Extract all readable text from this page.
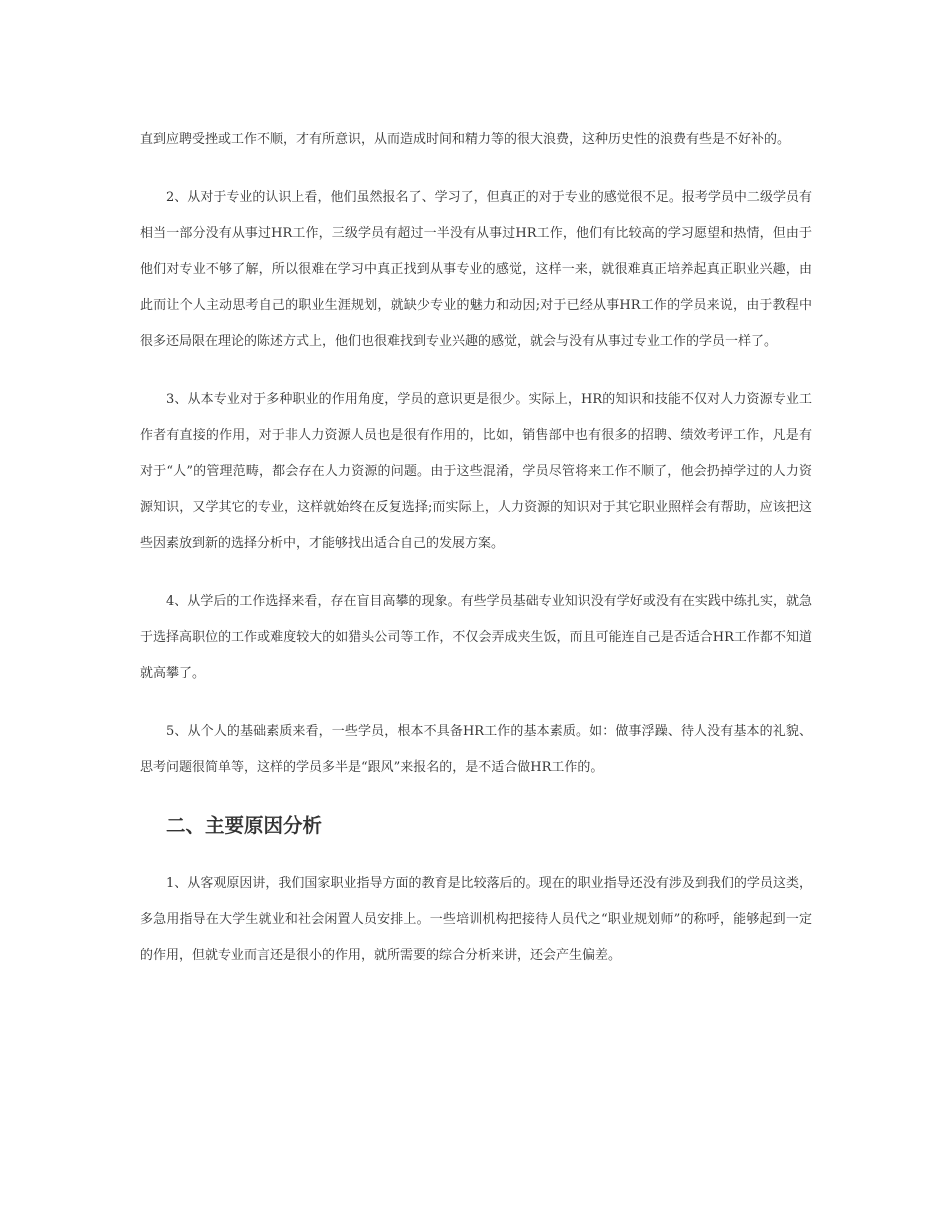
直到应聘受挫或工作不顺，才有所意识，从而造成时间和精力等的很大浪费，这种历史性的浪费有些是不好补的。

2、从对于专业的认识上看，他们虽然报名了、学习了，但真正的对于专业的感觉很不足。报考学员中二级学员有相当一部分没有从事过HR工作，三级学员有超过一半没有从事过HR工作，他们有比较高的学习愿望和热情，但由于他们对专业不够了解，所以很难在学习中真正找到从事专业的感觉，这样一来，就很难真正培养起真正职业兴趣，由此而让个人主动思考自己的职业生涯规划，就缺少专业的魅力和动因;对于已经从事HR工作的学员来说，由于教程中很多还局限在理论的陈述方式上，他们也很难找到专业兴趣的感觉，就会与没有从事过专业工作的学员一样了。

3、从本专业对于多种职业的作用角度，学员的意识更是很少。实际上，HR的知识和技能不仅对人力资源专业工作者有直接的作用，对于非人力资源人员也是很有作用的，比如，销售部中也有很多的招聘、绩效考评工作，凡是有对于“人”的管理范畴，都会存在人力资源的问题。由于这些混淆，学员尽管将来工作不顺了，他会扔掉学过的人力资源知识，又学其它的专业，这样就始终在反复选择;而实际上，人力资源的知识对于其它职业照样会有帮助，应该把这些因素放到新的选择分析中，才能够找出适合自己的发展方案。

4、从学后的工作选择来看，存在盲目高攀的现象。有些学员基础专业知识没有学好或没有在实践中练扎实，就急于选择高职位的工作或难度较大的如猎头公司等工作，不仅会弄成夹生饭，而且可能连自己是否适合HR工作都不知道就高攀了。

5、从个人的基础素质来看，一些学员，根本不具备HR工作的基本素质。如：做事浮躁、待人没有基本的礼貌、思考问题很简单等，这样的学员多半是“跟风”来报名的，是不适合做HR工作的。

二、主要原因分析

1、从客观原因讲，我们国家职业指导方面的教育是比较落后的。现在的职业指导还没有涉及到我们的学员这类，多急用指导在大学生就业和社会闲置人员安排上。一些培训机构把接待人员代之“职业规划师”的称呼，能够起到一定的作用，但就专业而言还是很小的作用，就所需要的综合分析来讲，还会产生偏差。
